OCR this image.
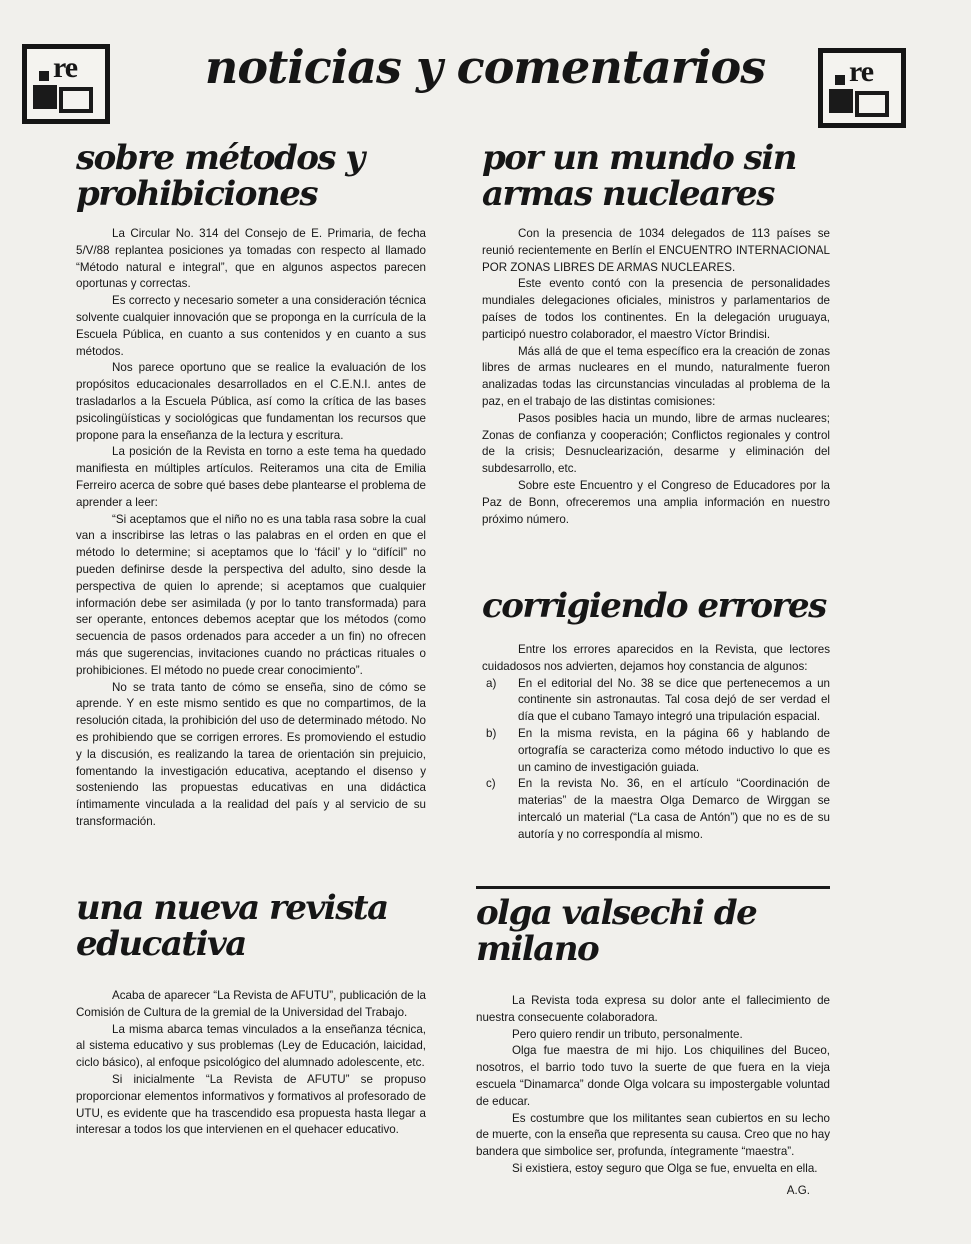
re	noticias y comentarios	re
sobre métodos y prohibiciones

La Circular No. 314 del Consejo de E. Primaria, de fecha 5/V/88 replantea posiciones ya tomadas con respecto al llamado “Método natural e integral”, que en algunos aspectos parecen oportunas y correctas.

Es correcto y necesario someter a una consideración técnica solvente cualquier innovación que se proponga en la currícula de la Escuela Pública, en cuanto a sus contenidos y en cuanto a sus métodos.

Nos parece oportuno que se realice la evaluación de los propósitos educacionales desarrollados en el C.E.N.I. antes de trasladarlos a la Escuela Pública, así como la crítica de las bases psicolingüísticas y sociológicas que fundamentan los recursos que propone para la enseñanza de la lectura y escritura.

La posición de la Revista en torno a este tema ha quedado manifiesta en múltiples artículos. Reiteramos una cita de Emilia Ferreiro acerca de sobre qué bases debe plantearse el problema de aprender a leer:

“Si aceptamos que el niño no es una tabla rasa sobre la cual van a inscribirse las letras o las palabras en el orden en que el método lo determine; si aceptamos que lo ‘fácil’ y lo “difícil” no pueden definirse desde la perspectiva del adulto, sino desde la perspectiva de quien lo aprende; si aceptamos que cualquier información debe ser asimilada (y por lo tanto transformada) para ser operante, entonces debemos aceptar que los métodos (como secuencia de pasos ordenados para acceder a un fin) no ofrecen más que sugerencias, invitaciones cuando no prácticas rituales o prohibiciones. El método no puede crear conocimiento”.

No se trata tanto de cómo se enseña, sino de cómo se aprende. Y en este mismo sentido es que no compartimos, de la resolución citada, la prohibición del uso de determinado método. No es prohibiendo que se corrigen errores. Es promoviendo el estudio y la discusión, es realizando la tarea de orientación sin prejuicio, fomentando la investigación educativa, aceptando el disenso y sosteniendo las propuestas educativas en una didáctica íntimamente vinculada a la realidad del país y al servicio de su transformación.

una nueva revista educativa

Acaba de aparecer “La Revista de AFUTU”, publicación de la Comisión de Cultura de la gremial de la Universidad del Trabajo.

La misma abarca temas vinculados a la enseñanza técnica, al sistema educativo y sus problemas (Ley de Educación, laicidad, ciclo básico), al enfoque psicológico del alumnado adolescente, etc.

Si inicialmente “La Revista de AFUTU” se propuso proporcionar elementos informativos y formativos al profesorado de UTU, es evidente que ha trascendido esa propuesta hasta llegar a interesar a todos los que intervienen en el quehacer educativo.

por un mundo sin armas nucleares

Con la presencia de 1034 delegados de 113 países se reunió recientemente en Berlín el ENCUENTRO INTERNACIONAL POR ZONAS LIBRES DE ARMAS NUCLEARES.

Este evento contó con la presencia de personalidades mundiales delegaciones oficiales, ministros y parlamentarios de países de todos los continentes. En la delegación uruguaya, participó nuestro colaborador, el maestro Víctor Brindisi.

Más allá de que el tema específico era la creación de zonas libres de armas nucleares en el mundo, naturalmente fueron analizadas todas las circunstancias vinculadas al problema de la paz, en el trabajo de las distintas comisiones:

Pasos posibles hacia un mundo, libre de armas nucleares; Zonas de confianza y cooperación; Conflictos regionales y control de la crisis; Desnuclearización, desarme y eliminación del subdesarrollo, etc.

Sobre este Encuentro y el Congreso de Educadores por la Paz de Bonn, ofreceremos una amplia información en nuestro próximo número.

corrigiendo errores

Entre los errores aparecidos en la Revista, que lectores cuidadosos nos advierten, dejamos hoy constancia de algunos:

a) En el editorial del No. 38 se dice que pertenecemos a un continente sin astronautas. Tal cosa dejó de ser verdad el día que el cubano Tamayo integró una tripulación espacial.
b) En la misma revista, en la página 66 y hablando de ortografía se caracteriza como método inductivo lo que es un camino de investigación guiada.
c) En la revista No. 36, en el artículo “Coordinación de materias” de la maestra Olga Demarco de Wirggan se intercaló un material (“La casa de Antón”) que no es de su autoría y no correspondía al mismo.
olga valsechi de milano

La Revista toda expresa su dolor ante el fallecimiento de nuestra consecuente colaboradora.

Pero quiero rendir un tributo, personalmente.

Olga fue maestra de mi hijo. Los chiquilines del Buceo, nosotros, el barrio todo tuvo la suerte de que fuera en la vieja escuela “Dinamarca” donde Olga volcara su impostergable voluntad de educar.

Es costumbre que los militantes sean cubiertos en su lecho de muerte, con la enseña que representa su causa. Creo que no hay bandera que simbolice ser, profunda, íntegramente “maestra”.

Si existiera, estoy seguro que Olga se fue, envuelta en ella.

A.G.
